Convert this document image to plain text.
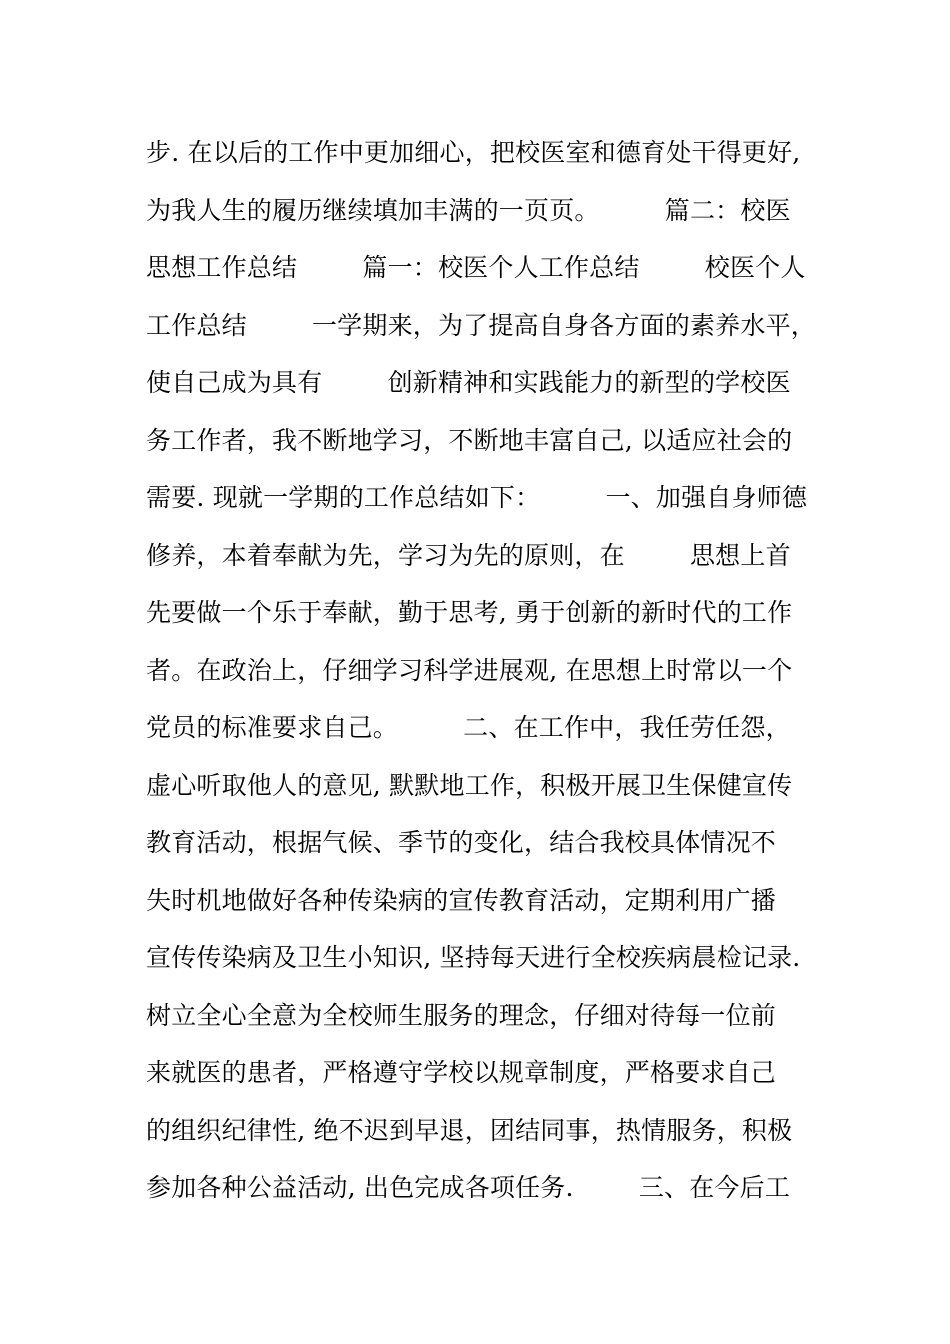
步. 在以后的工作中更加细心，把校医室和德育处干得更好,
为我人生的履历继续填加丰满的一页页。        篇二：校医
思想工作总结        篇一：校医个人工作总结        校医个人
工作总结        一学期来，为了提高自身各方面的素养水平，
使自己成为具有        创新精神和实践能力的新型的学校医
务工作者，我不断地学习，不断地丰富自己, 以适应社会的
需要. 现就一学期的工作总结如下：        一、加强自身师德
修养，本着奉献为先，学习为先的原则，在        思想上首
先要做一个乐于奉献，勤于思考, 勇于创新的新时代的工作
者。在政治上，仔细学习科学进展观, 在思想上时常以一个
党员的标准要求自己。        二、在工作中，我任劳任怨，
虚心听取他人的意见, 默默地工作，积极开展卫生保健宣传
教育活动，根据气候、季节的变化，结合我校具体情况不
失时机地做好各种传染病的宣传教育活动，定期利用广播
宣传传染病及卫生小知识, 坚持每天进行全校疾病晨检记录.
树立全心全意为全校师生服务的理念，仔细对待每一位前
来就医的患者，严格遵守学校以规章制度，严格要求自己
的组织纪律性, 绝不迟到早退，团结同事，热情服务，积极
参加各种公益活动, 出色完成各项任务.        三、在今后工
